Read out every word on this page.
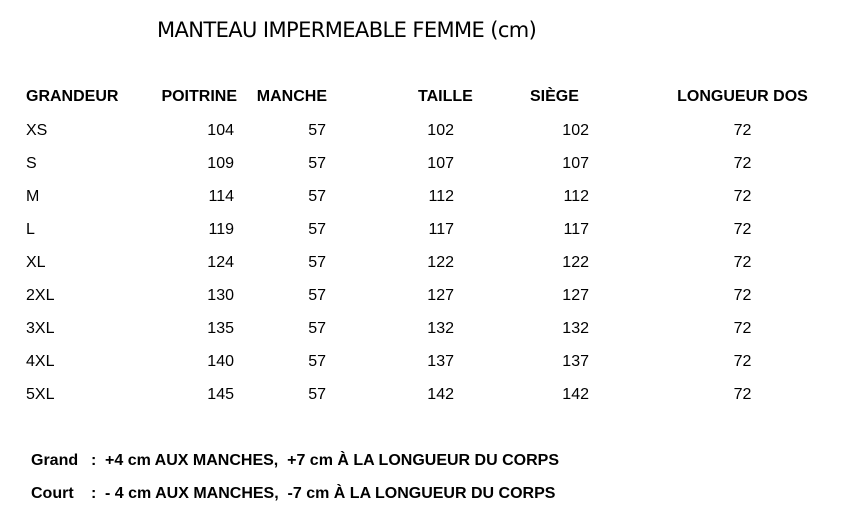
MANTEAU IMPERMEABLE FEMME (cm)
GRANDEUR	POITRINE	MANCHE	TAILLE	SIÈGE	LONGUEUR DOS
XS	104	57	102	102	72
S	109	57	107	107	72
M	114	57	112	112	72
L	119	57	117	117	72
XL	124	57	122	122	72
2XL	130	57	127	127	72
3XL	135	57	132	132	72
4XL	140	57	137	137	72
5XL	145	57	142	142	72
Grand : +4 cm AUX MANCHES,  +7 cm À LA LONGUEUR DU CORPS
Court : - 4 cm AUX MANCHES,  -7 cm À LA LONGUEUR DU CORPS
